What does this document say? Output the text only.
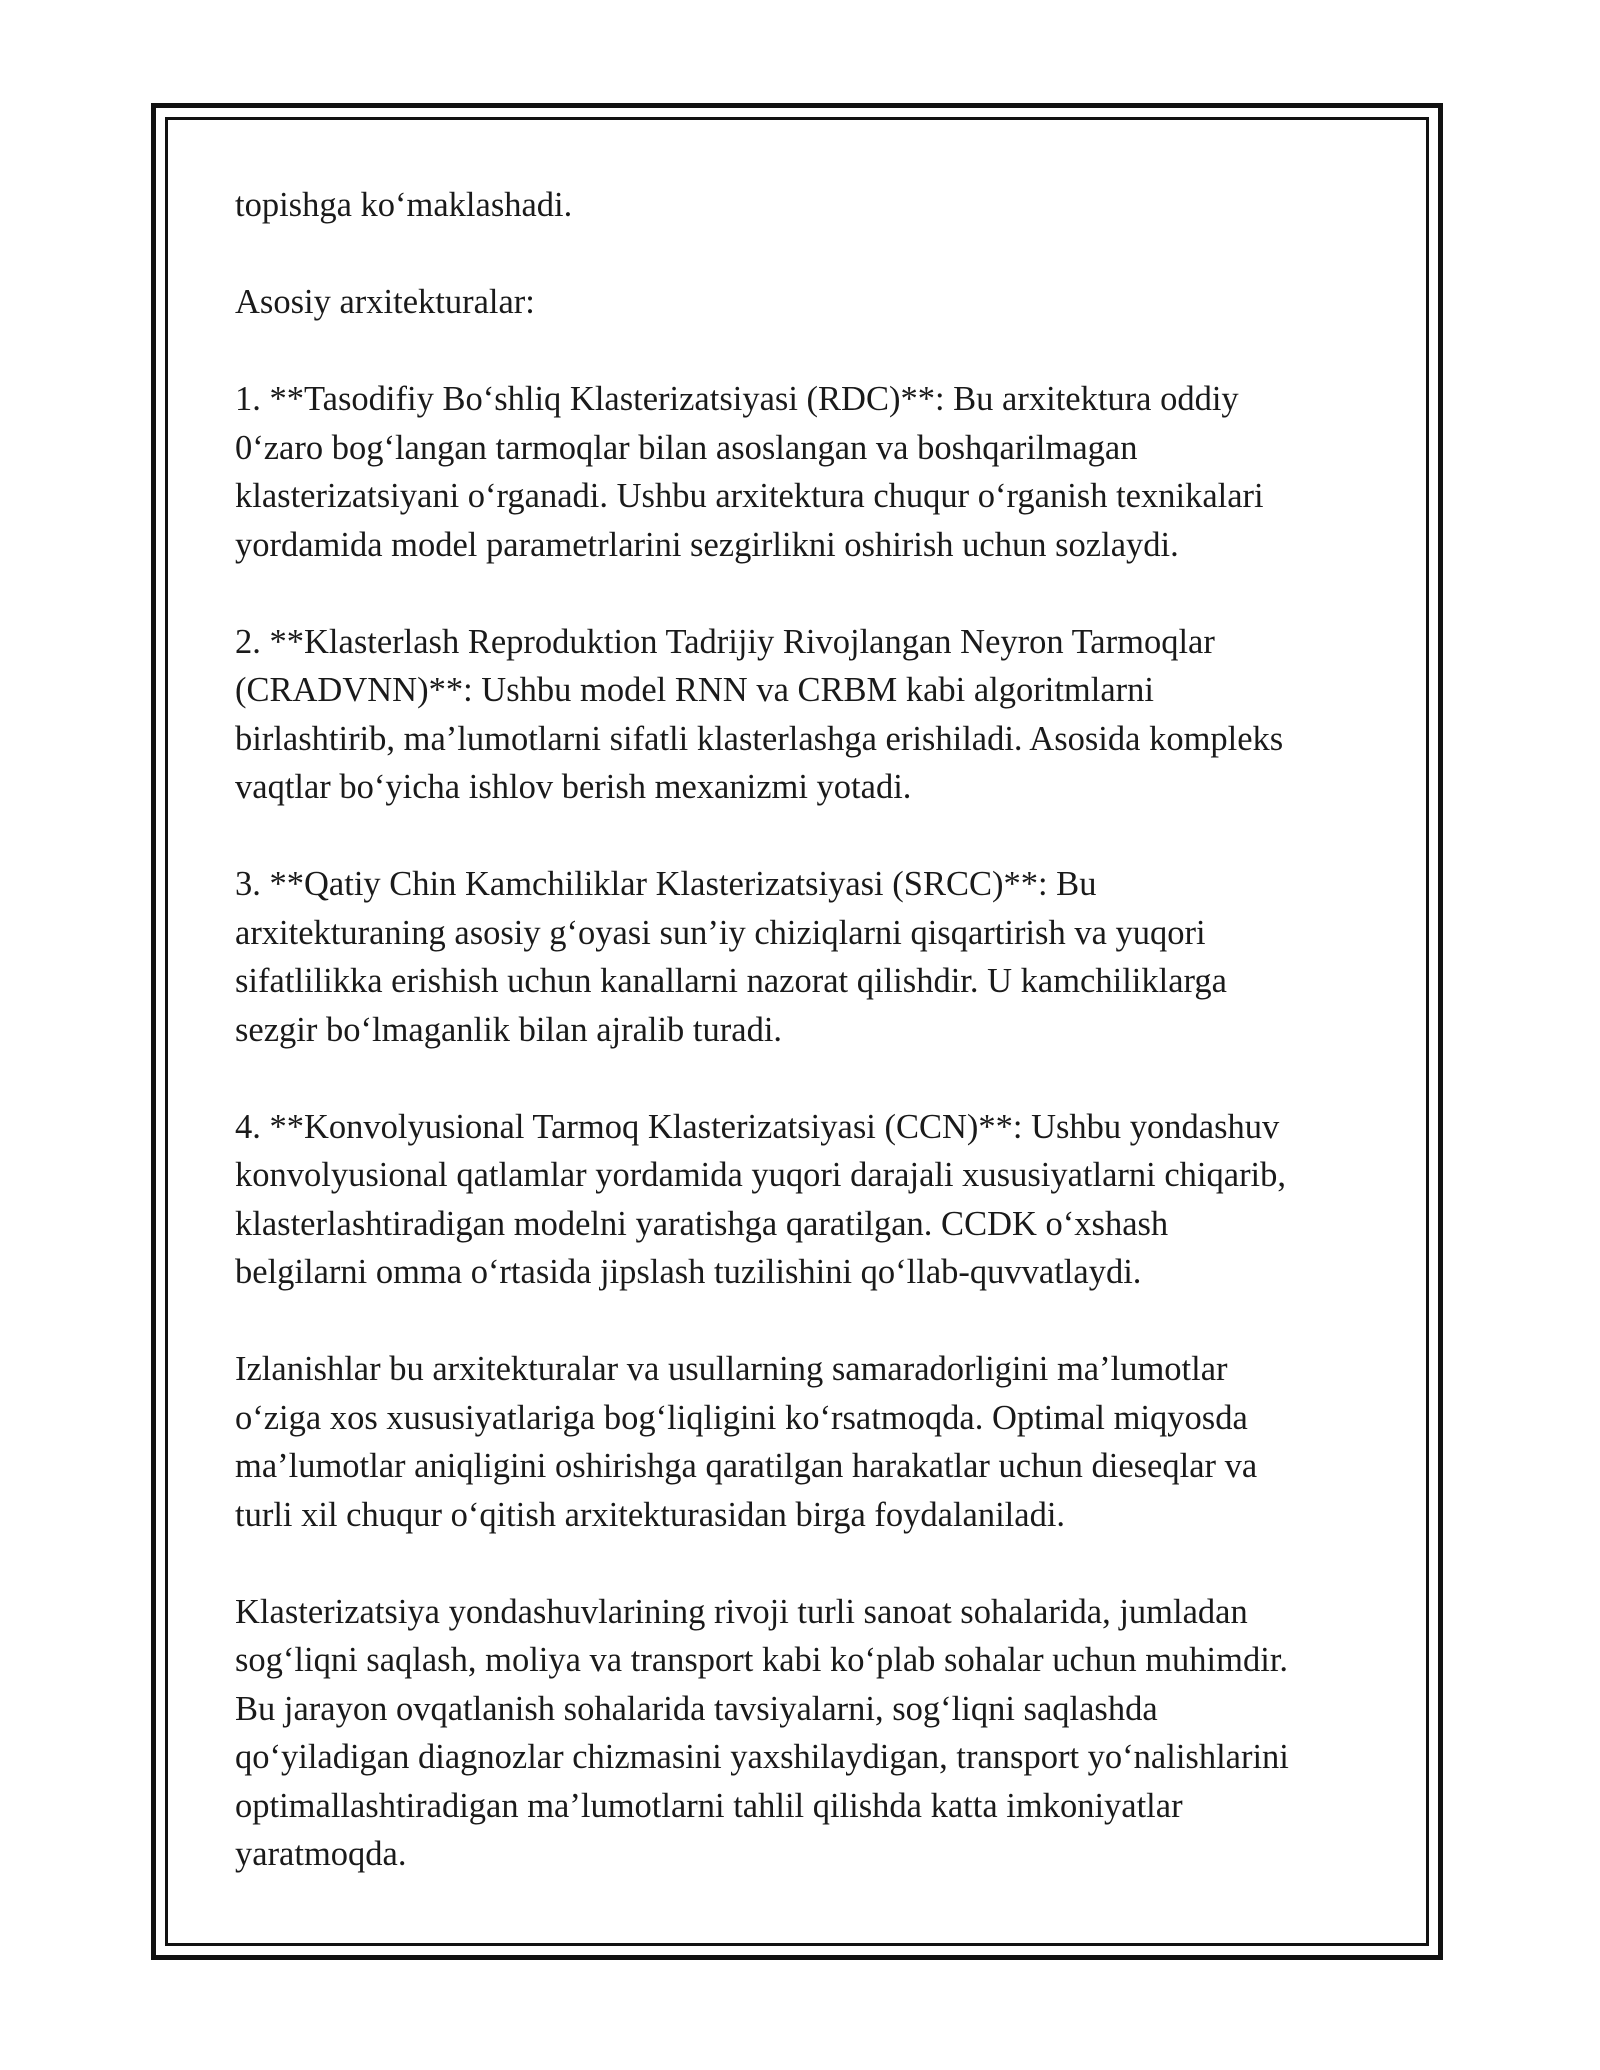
topishga ko‘maklashadi.
Asosiy arxitekturalar:
1. **Tasodifiy Bo‘shliq Klasterizatsiyasi (RDC)**: Bu arxitektura oddiy
0‘zaro bog‘langan tarmoqlar bilan asoslangan va boshqarilmagan
klasterizatsiyani o‘rganadi. Ushbu arxitektura chuqur o‘rganish texnikalari
yordamida model parametrlarini sezgirlikni oshirish uchun sozlaydi.
2. **Klasterlash Reproduktion Tadrijiy Rivojlangan Neyron Tarmoqlar
(CRADVNN)**: Ushbu model RNN va CRBM kabi algoritmlarni
birlashtirib, ma’lumotlarni sifatli klasterlashga erishiladi. Asosida kompleks
vaqtlar bo‘yicha ishlov berish mexanizmi yotadi.
3. **Qatiy Chin Kamchiliklar Klasterizatsiyasi (SRCC)**: Bu
arxitekturaning asosiy g‘oyasi sun’iy chiziqlarni qisqartirish va yuqori
sifatlilikka erishish uchun kanallarni nazorat qilishdir. U kamchiliklarga
sezgir bo‘lmaganlik bilan ajralib turadi.
4. **Konvolyusional Tarmoq Klasterizatsiyasi (CCN)**: Ushbu yondashuv
konvolyusional qatlamlar yordamida yuqori darajali xususiyatlarni chiqarib,
klasterlashtiradigan modelni yaratishga qaratilgan. CCDK o‘xshash
belgilarni omma o‘rtasida jipslash tuzilishini qo‘llab-quvvatlaydi.
Izlanishlar bu arxitekturalar va usullarning samaradorligini ma’lumotlar
o‘ziga xos xususiyatlariga bog‘liqligini ko‘rsatmoqda. Optimal miqyosda
ma’lumotlar aniqligini oshirishga qaratilgan harakatlar uchun dieseqlar va
turli xil chuqur o‘qitish arxitekturasidan birga foydalaniladi.
Klasterizatsiya yondashuvlarining rivoji turli sanoat sohalarida, jumladan
sog‘liqni saqlash, moliya va transport kabi ko‘plab sohalar uchun muhimdir.
Bu jarayon ovqatlanish sohalarida tavsiyalarni, sog‘liqni saqlashda
qo‘yiladigan diagnozlar chizmasini yaxshilaydigan, transport yo‘nalishlarini
optimallashtiradigan ma’lumotlarni tahlil qilishda katta imkoniyatlar
yaratmoqda.
